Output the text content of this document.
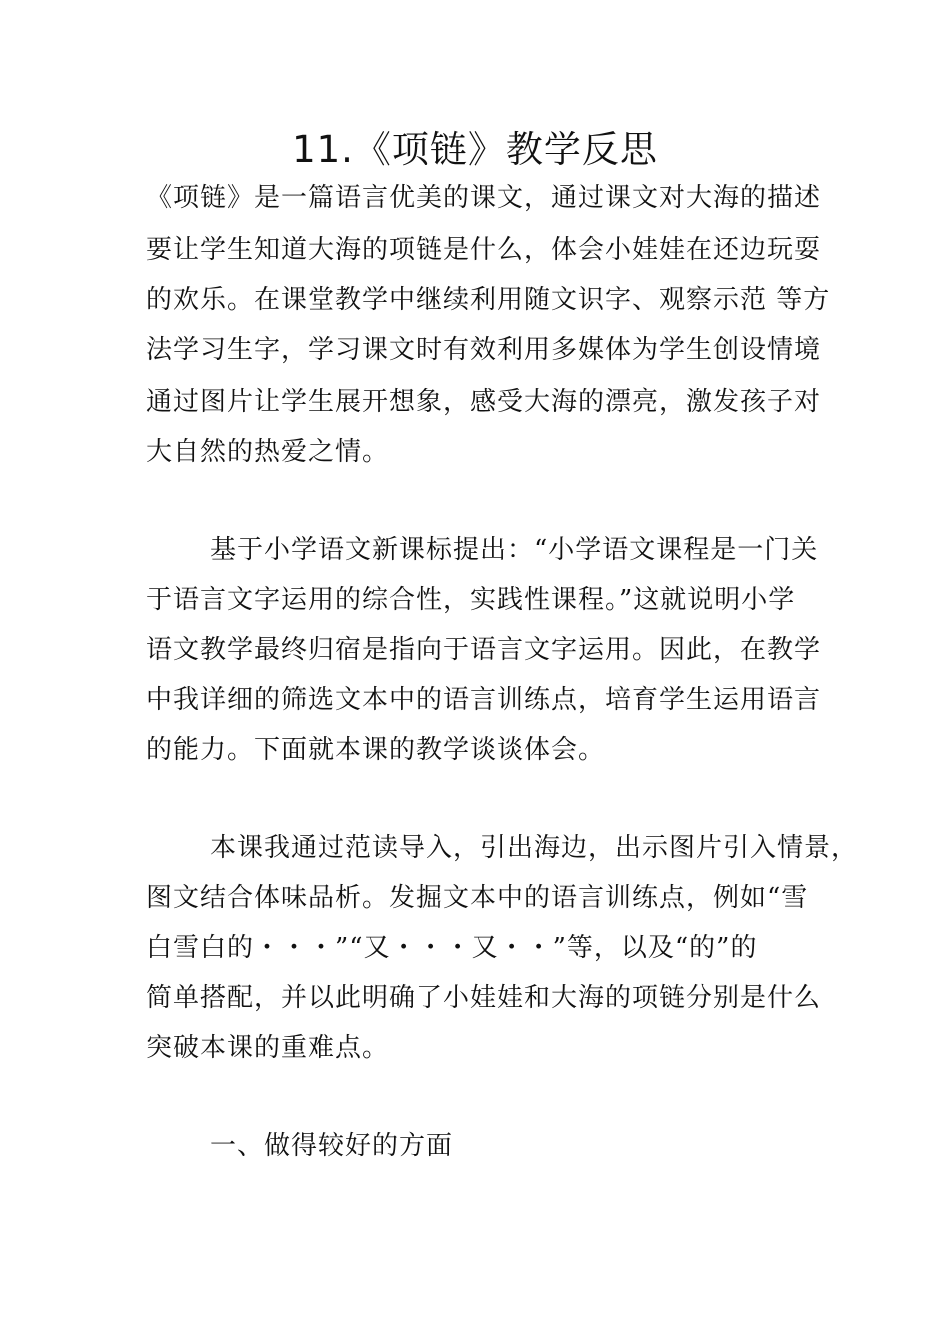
11.《项链》教学反思
《项链》是一篇语言优美的课文，通过课文对大海的描述
要让学生知道大海的项链是什么，体会小娃娃在还边玩耍
的欢乐。在课堂教学中继续利用随文识字、观察示范 等方
法学习生字，学习课文时有效利用多媒体为学生创设情境
通过图片让学生展开想象，感受大海的漂亮，激发孩子对
大自然的热爱之情。
基于小学语文新课标提出：“小学语文课程是一门关
于语言文字运用的综合性，实践性课程。”这就说明小学
语文教学最终归宿是指向于语言文字运用。因此，在教学
中我详细的筛选文本中的语言训练点，培育学生运用语言
的能力。下面就本课的教学谈谈体会。
本课我通过范读导入，引出海边，出示图片引入情景，
图文结合体味品析。发掘文本中的语言训练点，例如“雪
白雪白的・・・”“又・・・又・・”等，以及“的”的
简单搭配，并以此明确了小娃娃和大海的项链分别是什么
突破本课的重难点。
一、做得较好的方面
